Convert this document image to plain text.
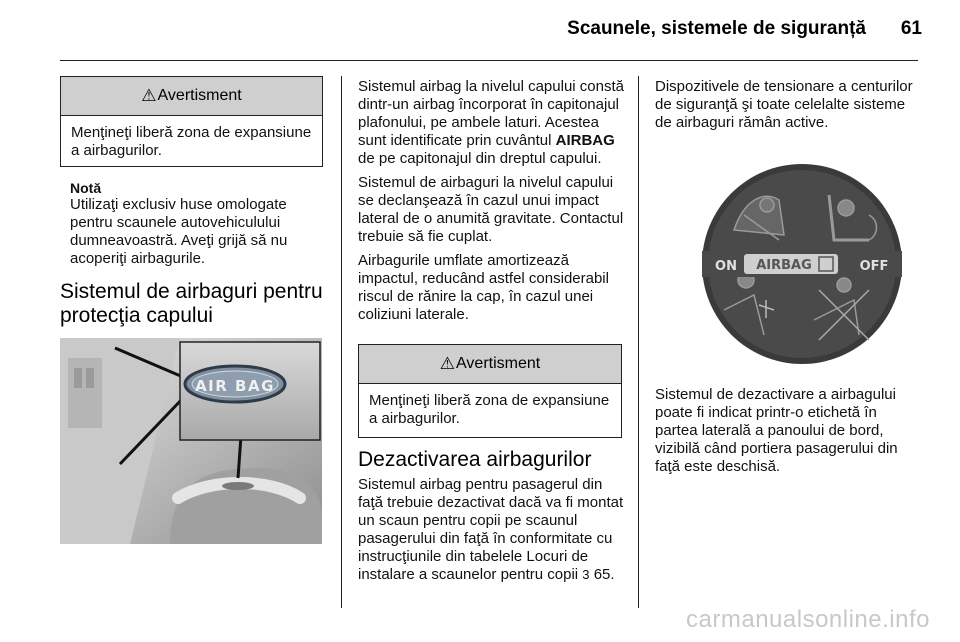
Scaunele, sistemele de siguranță 61
⚠ Avertisment
Menţineţi liberă zona de expansiune a airbagurilor.
Notă

Utilizaţi exclusiv huse omologate pentru scaunele autovehiculului dumneavoastră. Aveţi grijă să nu acoperiţi airbagurile.

Sistemul de airbaguri pentru protecţia capului
AIR BAG

Sistemul airbag la nivelul capului constă dintr-un airbag încorporat în capitonajul plafonului, pe ambele laturi. Acestea sunt identificate prin cuvântul AIRBAG de pe capitonajul din dreptul capului.

Sistemul de airbaguri la nivelul capului se declanşează în cazul unui impact lateral de o anumită gravitate. Contactul trebuie să fie cuplat.

Airbagurile umflate amortizează impactul, reducând astfel considerabil riscul de rănire la cap, în cazul unei coliziuni laterale.

⚠ Avertisment
Menţineţi liberă zona de expansiune a airbagurilor.
Dezactivarea airbagurilor

Sistemul airbag pentru pasagerul din faţă trebuie dezactivat dacă va fi montat un scaun pentru copii pe scaunul pasagerului din faţă în conformitate cu instrucţiunile din tabelele Locuri de instalare a scaunelor pentru copii 3 65.

Dispozitivele de tensionare a centurilor de siguranţă şi toate celelalte sisteme de airbaguri rămân active.

ON AIRBAG	OFF

Sistemul de dezactivare a airbagului poate fi indicat printr-o etichetă în partea laterală a panoului de bord, vizibilă când portiera pasagerului din faţă este deschisă.

carmanualsonline.info
